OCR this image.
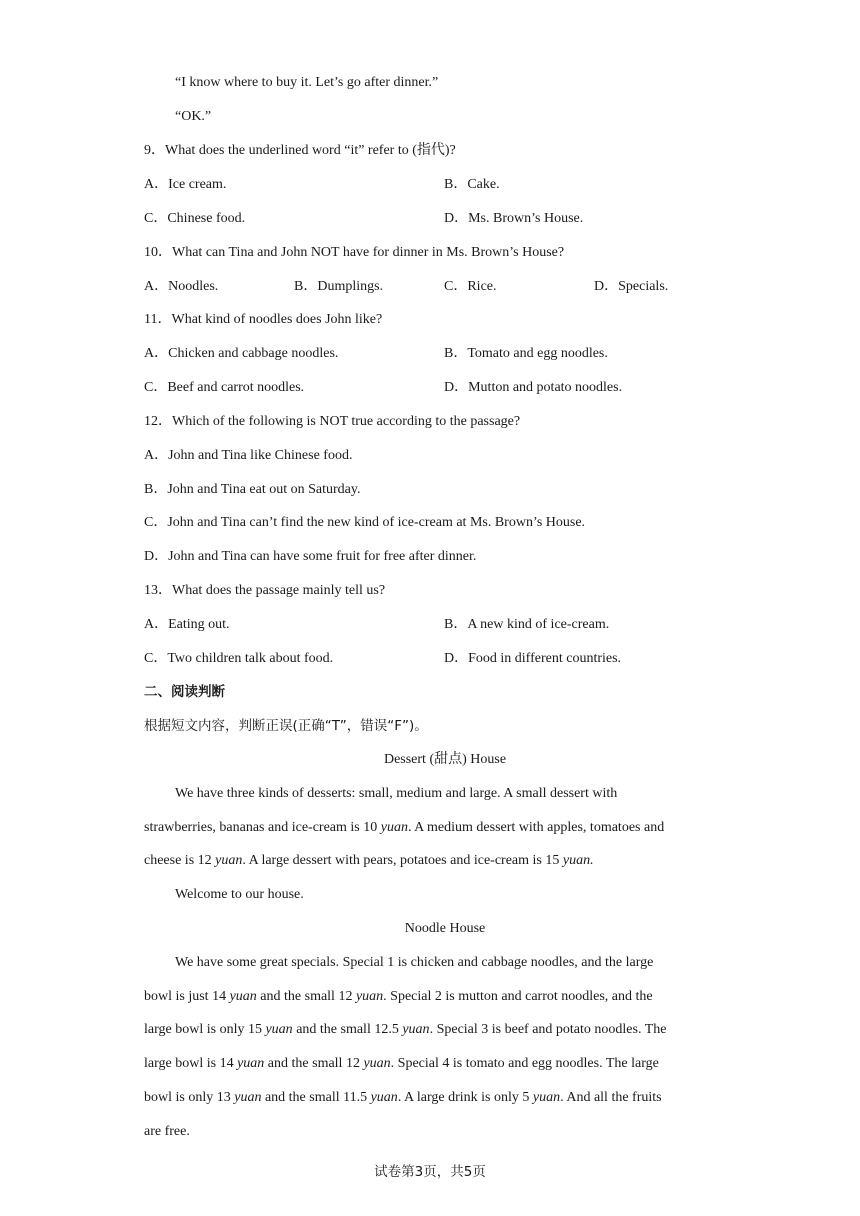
“I know where to buy it. Let’s go after dinner.”
“OK.”
9．What does the underlined word “it” refer to (指代)?
A．Ice cream.	B．Cake.
C．Chinese food.	D．Ms. Brown’s House.
10．What can Tina and John NOT have for dinner in Ms. Brown’s House?
A．Noodles.	B．Dumplings.	C．Rice.	D．Specials.
11．What kind of noodles does John like?
A．Chicken and cabbage noodles.	B．Tomato and egg noodles.
C．Beef and carrot noodles.	D．Mutton and potato noodles.
12．Which of the following is NOT true according to the passage?
A．John and Tina like Chinese food.
B．John and Tina eat out on Saturday.
C．John and Tina can’t find the new kind of ice-cream at Ms. Brown’s House.
D．John and Tina can have some fruit for free after dinner.
13．What does the passage mainly tell us?
A．Eating out.	B．A new kind of ice-cream.
C．Two children talk about food.	D．Food in different countries.
二、阅读判断
根据短文内容，判断正误(正确“T”，错误“F”)。
Dessert (甜点) House
We have three kinds of desserts: small, medium and large. A small dessert with
strawberries, bananas and ice-cream is 10 yuan. A medium dessert with apples, tomatoes and
cheese is 12 yuan. A large dessert with pears, potatoes and ice-cream is 15 yuan.
Welcome to our house.
Noodle House
We have some great specials. Special 1 is chicken and cabbage noodles, and the large
bowl is just 14 yuan and the small 12 yuan. Special 2 is mutton and carrot noodles, and the
large bowl is only 15 yuan and the small 12.5 yuan. Special 3 is beef and potato noodles. The
large bowl is 14 yuan and the small 12 yuan. Special 4 is tomato and egg noodles. The large
bowl is only 13 yuan and the small 11.5 yuan. A large drink is only 5 yuan. And all the fruits
are free.
试卷第3页，共5页
